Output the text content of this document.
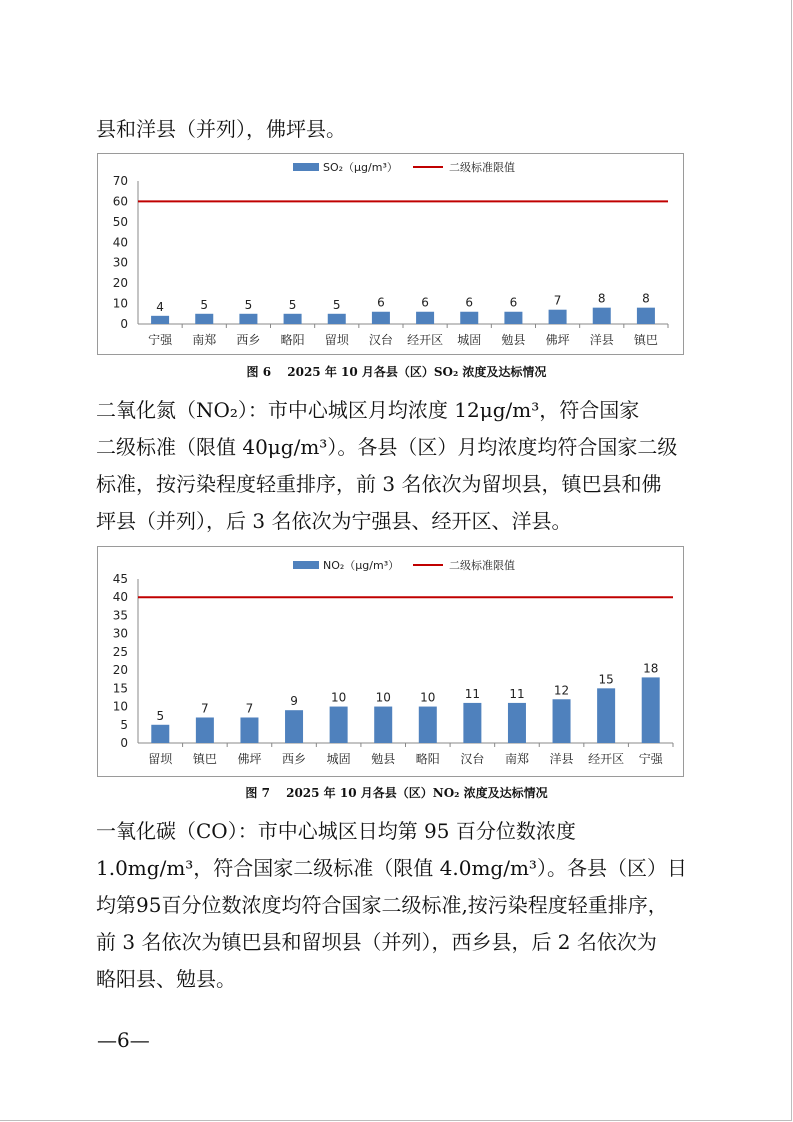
县和洋县（并列），佛坪县。

SO₂（μg/m³）	二级标准限值
0
10
20
30
40
50
60
70
4
宁强
5
南郑
5
西乡
5
略阳
5
留坝
6
汉台
6
经开区
6
城固
6
勉县
7
佛坪
8
洋县
8
镇巴

图 6　 2025 年 10 月各县（区）SO₂ 浓度及达标情况

二氧化氮（NO₂）：市中心城区月均浓度 12μg/m³，符合国家
二级标准（限值 40μg/m³）。各县（区）月均浓度均符合国家二级
标准，按污染程度轻重排序，前 3 名依次为留坝县，镇巴县和佛
坪县（并列），后 3 名依次为宁强县、经开区、洋县。

NO₂（μg/m³）	二级标准限值
0
5
10
15
20
25
30
35
40
45
5
留坝
7
镇巴
7
佛坪
9
西乡
10
城固
10
勉县
10
略阳
11
汉台
11
南郑
12
洋县
15
经开区
18
宁强

图 7　 2025 年 10 月各县（区）NO₂ 浓度及达标情况

一氧化碳（CO）：市中心城区日均第 95 百分位数浓度
1.0mg/m³，符合国家二级标准（限值 4.0mg/m³）。各县（区）日
均第95百分位数浓度均符合国家二级标准,按污染程度轻重排序，
前 3 名依次为镇巴县和留坝县（并列），西乡县，后 2 名依次为
略阳县、勉县。

—6—
